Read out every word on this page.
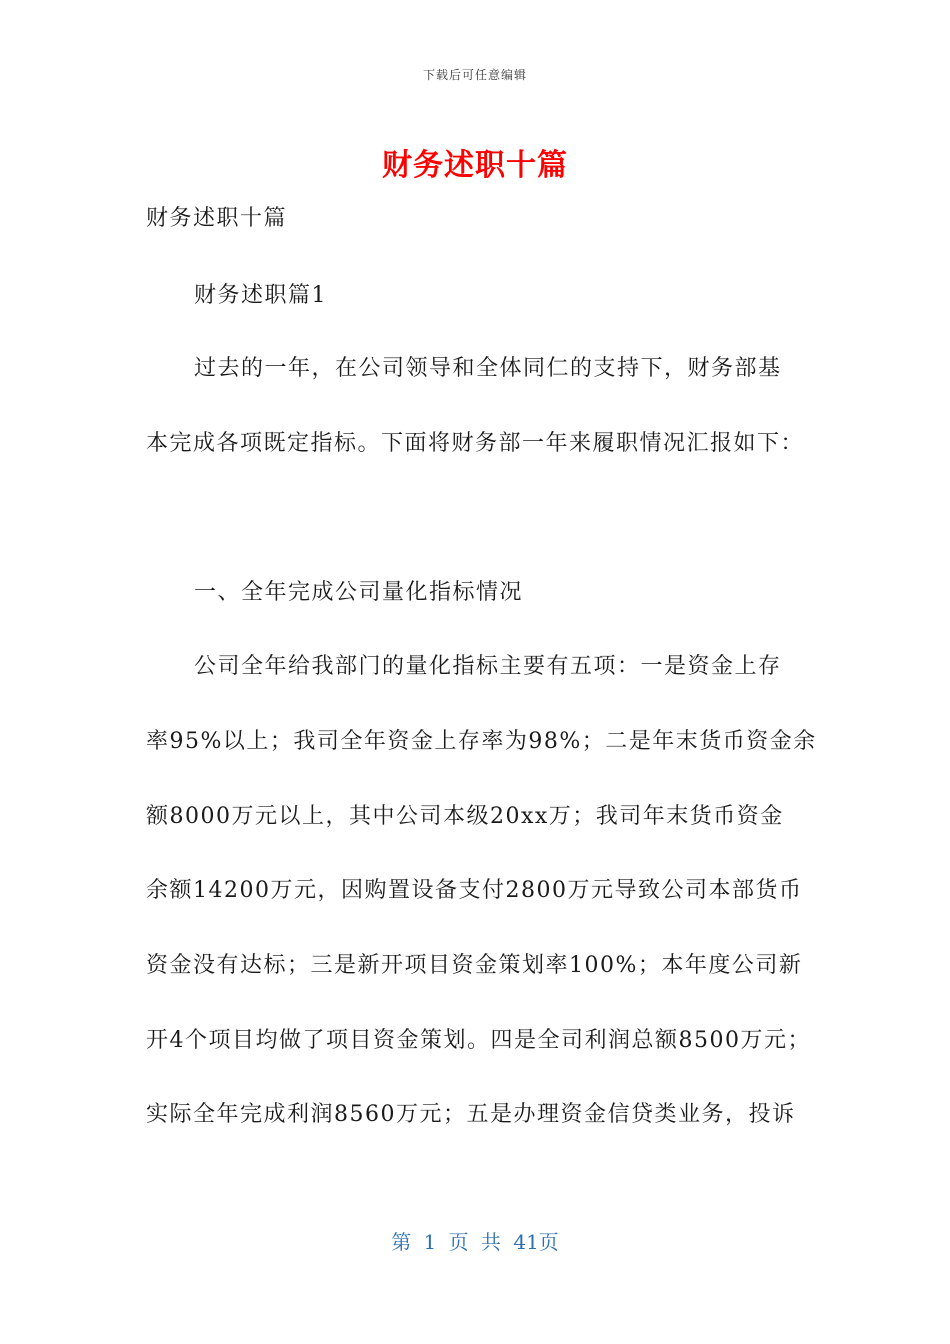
下载后可任意编辑
财务述职十篇
财务述职十篇
财务述职篇1
过去的一年，在公司领导和全体同仁的支持下，财务部基
本完成各项既定指标。下面将财务部一年来履职情况汇报如下：
一、全年完成公司量化指标情况
公司全年给我部门的量化指标主要有五项：一是资金上存
率95%以上；我司全年资金上存率为98%；二是年末货币资金余
额8000万元以上，其中公司本级20xx万；我司年末货币资金
余额14200万元，因购置设备支付2800万元导致公司本部货币
资金没有达标；三是新开项目资金策划率100%；本年度公司新
开4个项目均做了项目资金策划。四是全司利润总额8500万元；
实际全年完成利润8560万元；五是办理资金信贷类业务，投诉
第 1 页 共 41页
